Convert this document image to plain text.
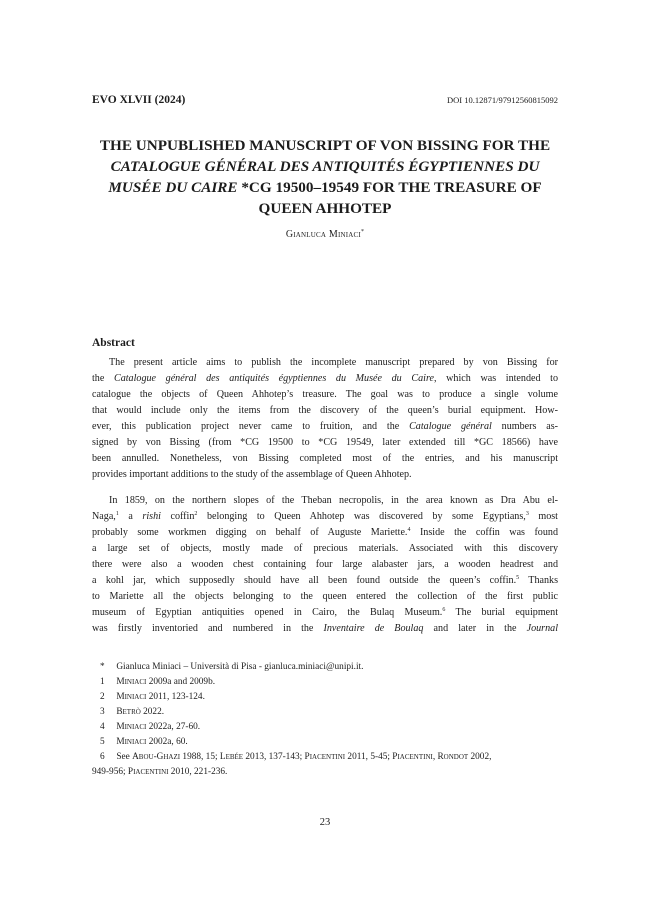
EVO XLVII (2024)	DOI 10.12871/97912560815092
THE UNPUBLISHED MANUSCRIPT OF VON BISSING FOR THE
CATALOGUE GÉNÉRAL DES ANTIQUITÉS ÉGYPTIENNES DU
MUSÉE DU CAIRE *CG 19500–19549 FOR THE TREASURE OF
QUEEN AHHOTEP
Gianluca Miniaci*
Abstract
The present article aims to publish the incomplete manuscript prepared by von Bissing for
the Catalogue général des antiquités égyptiennes du Musée du Caire, which was intended to
catalogue the objects of Queen Ahhotep’s treasure. The goal was to produce a single volume
that would include only the items from the discovery of the queen’s burial equipment. How-
ever, this publication project never came to fruition, and the Catalogue général numbers as-
signed by von Bissing (from *CG 19500 to *CG 19549, later extended till *GC 18566) have
been annulled. Nonetheless, von Bissing completed most of the entries, and his manuscript
provides important additions to the study of the assemblage of Queen Ahhotep.
In 1859, on the northern slopes of the Theban necropolis, in the area known as Dra Abu el-
Naga,$^1$ a rishi coffin$^2$ belonging to Queen Ahhotep was discovered by some Egyptians,$^3$ most
probably some workmen digging on behalf of Auguste Mariette.$^4$ Inside the coffin was found
a large set of objects, mostly made of precious materials. Associated with this discovery
there were also a wooden chest containing four large alabaster jars, a wooden headrest and
a kohl jar, which supposedly should have all been found outside the queen’s coffin.$^5$ Thanks
to Mariette all the objects belonging to the queen entered the collection of the first public
museum of Egyptian antiquities opened in Cairo, the Bulaq Museum.$^6$ The burial equipment
was firstly inventoried and numbered in the Inventaire de Boulaq and later in the Journal
* Gianluca Miniaci – Università di Pisa - gianluca.miniaci@unipi.it.
1 Miniaci 2009a and 2009b.
2 Miniaci 2011, 123-124.
3 Betrò 2022.
4 Miniaci 2022a, 27-60.
5 Miniaci 2002a, 60.
6 See Abou-Ghazi 1988, 15; Lebée 2013, 137-143; Piacentini 2011, 5-45; Piacentini, Rondot 2002,
949-956; Piacentini 2010, 221-236.
23
